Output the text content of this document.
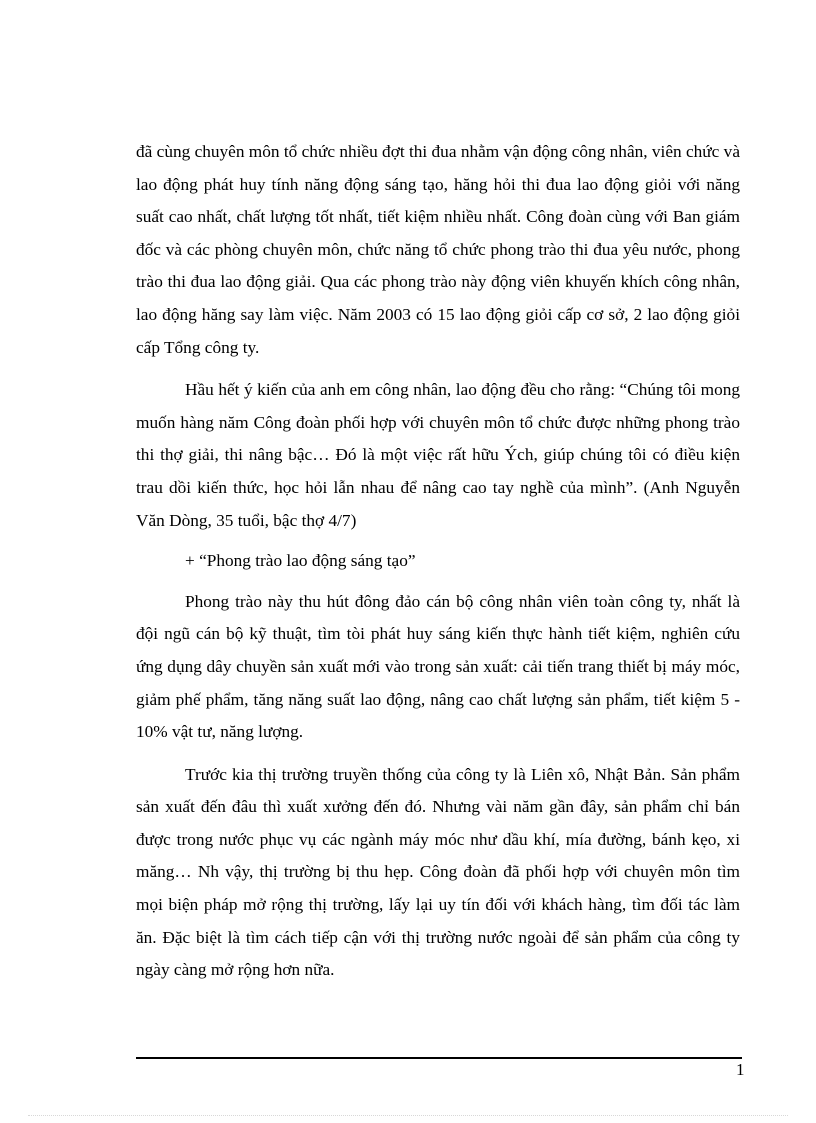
đã cùng chuyên môn tổ chức nhiều đợt thi đua nhằm vận động công nhân, viên chức và lao động phát huy tính năng động sáng tạo, hăng hỏi thi đua lao động giỏi với năng suất cao nhất, chất lượng tốt nhất, tiết kiệm nhiều nhất. Công đoàn cùng với Ban giám đốc và các phòng chuyên môn, chức năng tổ chức phong trào thi đua yêu nước, phong trào thi đua lao động giải. Qua các phong trào này động viên khuyến khích công nhân, lao động hăng say làm việc. Năm 2003 có 15 lao động giỏi cấp cơ sở, 2 lao động giỏi cấp Tổng công ty.

Hầu hết ý kiến của anh em công nhân, lao động đều cho rằng: “Chúng tôi mong muốn hàng năm Công đoàn phối hợp với chuyên môn tổ chức được những phong trào thi thợ giải, thi nâng bậc… Đó là một việc rất hữu Ých, giúp chúng tôi có điều kiện trau dồi kiến thức, học hỏi lẫn nhau để nâng cao tay nghề của mình”. (Anh Nguyễn Văn Dòng, 35 tuổi, bậc thợ 4/7)

+ “Phong trào lao động sáng tạo”

Phong trào này thu hút đông đảo cán bộ công nhân viên toàn công ty, nhất là đội ngũ cán bộ kỹ thuật, tìm tòi phát huy sáng kiến thực hành tiết kiệm, nghiên cứu ứng dụng dây chuyền sản xuất mới vào trong sản xuất: cải tiến trang thiết bị máy móc, giảm phế phẩm, tăng năng suất lao động, nâng cao chất lượng sản phẩm, tiết kiệm 5 - 10% vật tư, năng lượng.

Trước kia thị trường truyền thống của công ty là Liên xô, Nhật Bản. Sản phẩm sản xuất đến đâu thì xuất xưởng đến đó. Nhưng vài năm gần đây, sản phẩm chỉ bán được trong nước phục vụ các ngành máy móc như dầu khí, mía đường, bánh kẹo, xi măng… Nh vậy, thị trường bị thu hẹp. Công đoàn đã phối hợp với chuyên môn tìm mọi biện pháp mở rộng thị trường, lấy lại uy tín đối với khách hàng, tìm đối tác làm ăn. Đặc biệt là tìm cách tiếp cận với thị trường nước ngoài để sản phẩm của công ty ngày càng mở rộng hơn nữa.

1
